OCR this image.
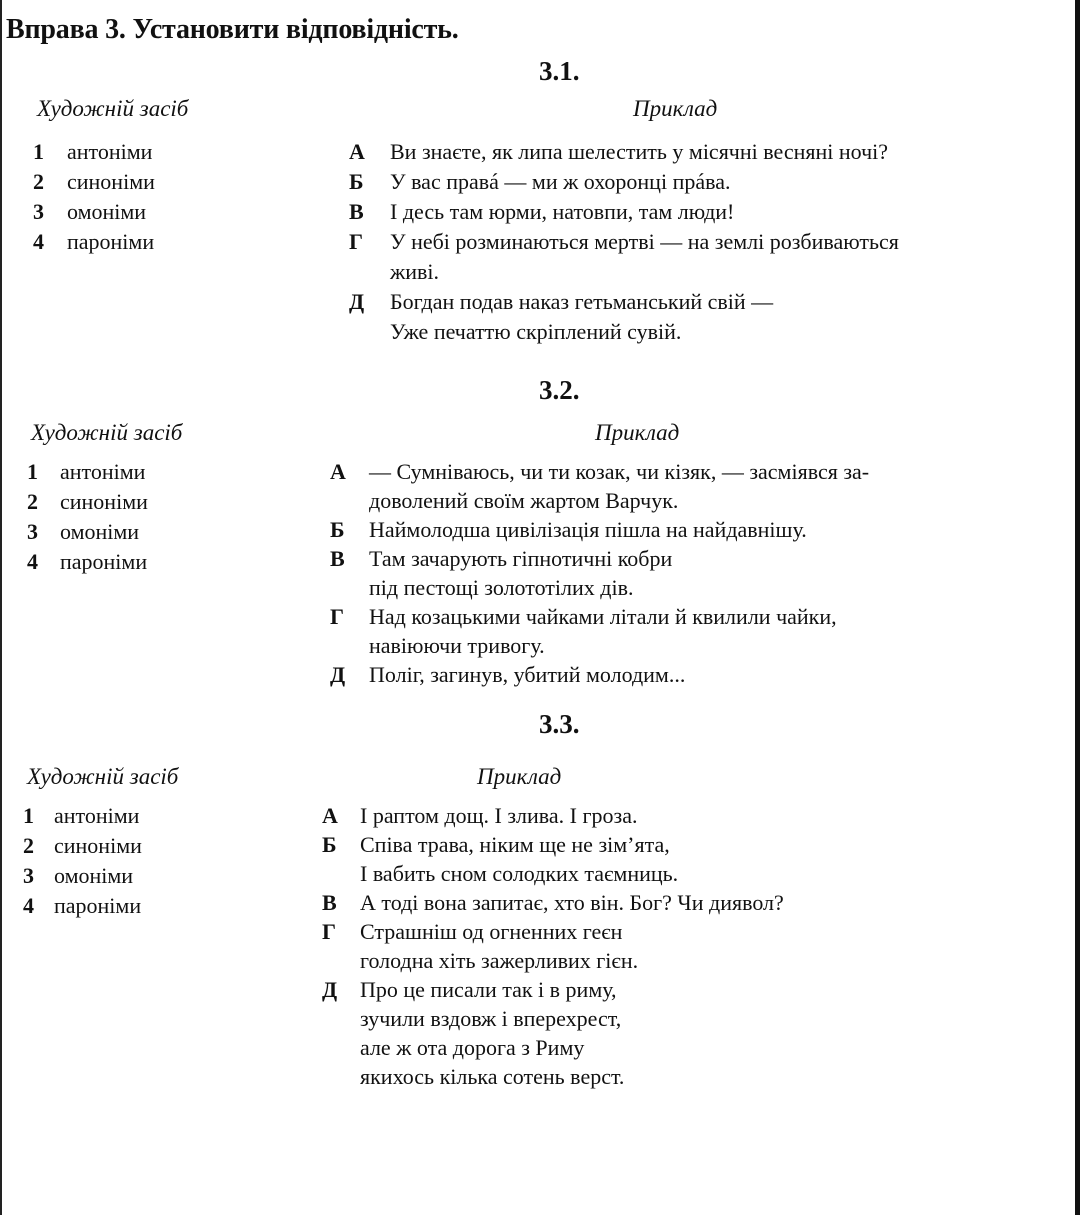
Вправа 3. Установити відповідність.
3.1.
Художній засіб	Приклад
1 антоніми
2 синоніми
3 омоніми
4 пароніми
А Ви знаєте, як липа шелестить у місячні весняні ночі?
Б У вас правá — ми ж охоронці прáва.
В І десь там юрми, натовпи, там люди!
Г У небі розминаються мертві — на землі розбиваються
живі.
Д Богдан подав наказ гетьманський свій —
Уже печаттю скріплений сувій.
3.2.
Художній засіб	Приклад
1 антоніми
2 синоніми
3 омоніми
4 пароніми
А — Сумніваюсь, чи ти козак, чи кізяк, — засміявся за-
доволений своїм жартом Варчук.
Б Наймолодша цивілізація пішла на найдавнішу.
В Там зачарують гіпнотичні кобри
під пестощі золототілих дів.
Г Над козацькими чайками літали й квилили чайки,
навіюючи тривогу.
Д Поліг, загинув, убитий молодим...
3.3.
Художній засіб	Приклад
1 антоніми
2 синоніми
3 омоніми
4 пароніми
А І раптом дощ. І злива. І гроза.
Б Співа трава, ніким ще не зім’ята,
І вабить сном солодких таємниць.
В А тоді вона запитає, хто він. Бог? Чи диявол?
Г Страшніш од огненних геєн
голодна хіть зажерливих гієн.
Д Про це писали так і в риму,
зучили вздовж і вперехрест,
але ж ота дорога з Риму
якихось кілька сотень верст.
